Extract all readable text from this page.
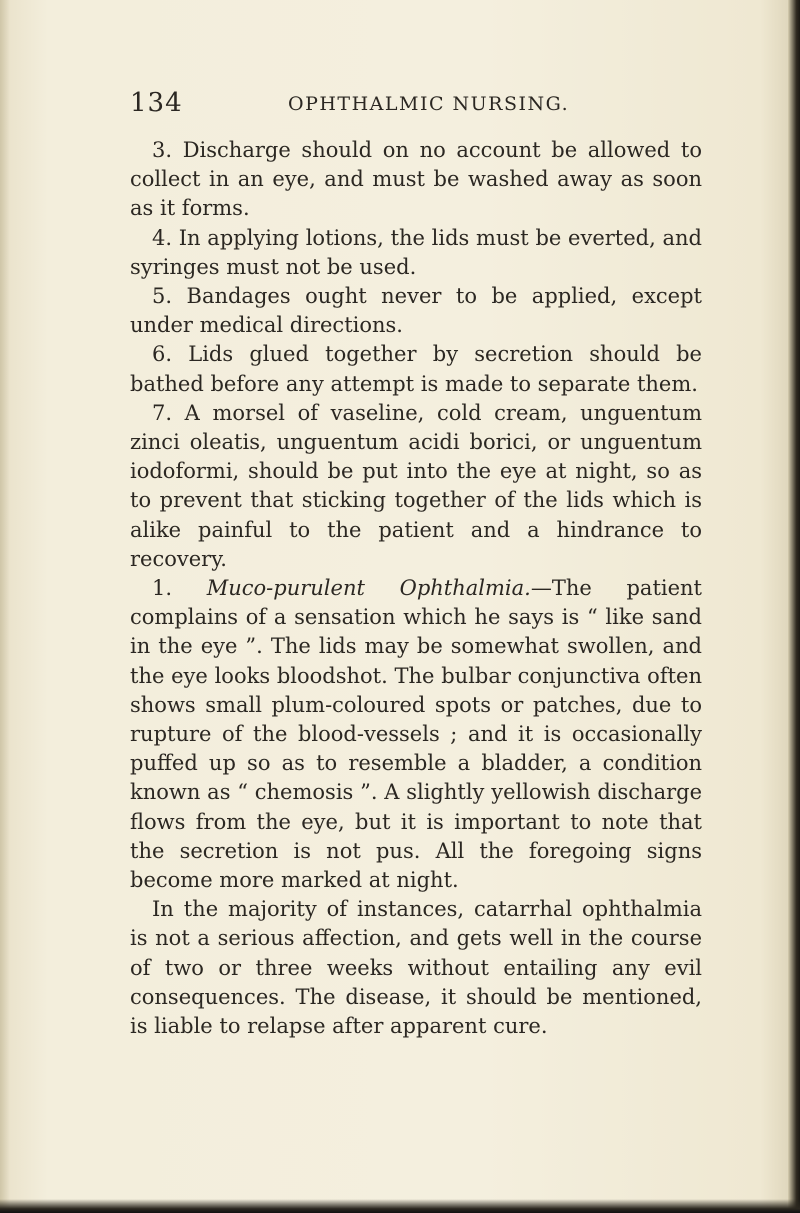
134	OPHTHALMIC NURSING.

3. Discharge should on no account be allowed to collect in an eye, and must be washed away as soon as it forms.

4. In applying lotions, the lids must be everted, and syringes must not be used.

5. Bandages ought never to be applied, except under medical directions.

6. Lids glued together by secretion should be bathed before any attempt is made to separate them.

7. A morsel of vaseline, cold cream, unguentum zinci oleatis, unguentum acidi borici, or unguentum iodoformi, should be put into the eye at night, so as to prevent that sticking together of the lids which is alike painful to the patient and a hindrance to recovery.

1. Muco-purulent Ophthalmia.—The patient complains of a sensation which he says is “ like sand in the eye ”. The lids may be somewhat swollen, and the eye looks bloodshot. The bulbar conjunctiva often shows small plum-coloured spots or patches, due to rupture of the blood-vessels ; and it is occasionally puffed up so as to resemble a bladder, a condition known as “ chemosis ”. A slightly yellowish discharge flows from the eye, but it is important to note that the secretion is not pus. All the foregoing signs become more marked at night.

In the majority of instances, catarrhal ophthalmia is not a serious affection, and gets well in the course of two or three weeks without entailing any evil consequences. The disease, it should be mentioned, is liable to relapse after apparent cure.
